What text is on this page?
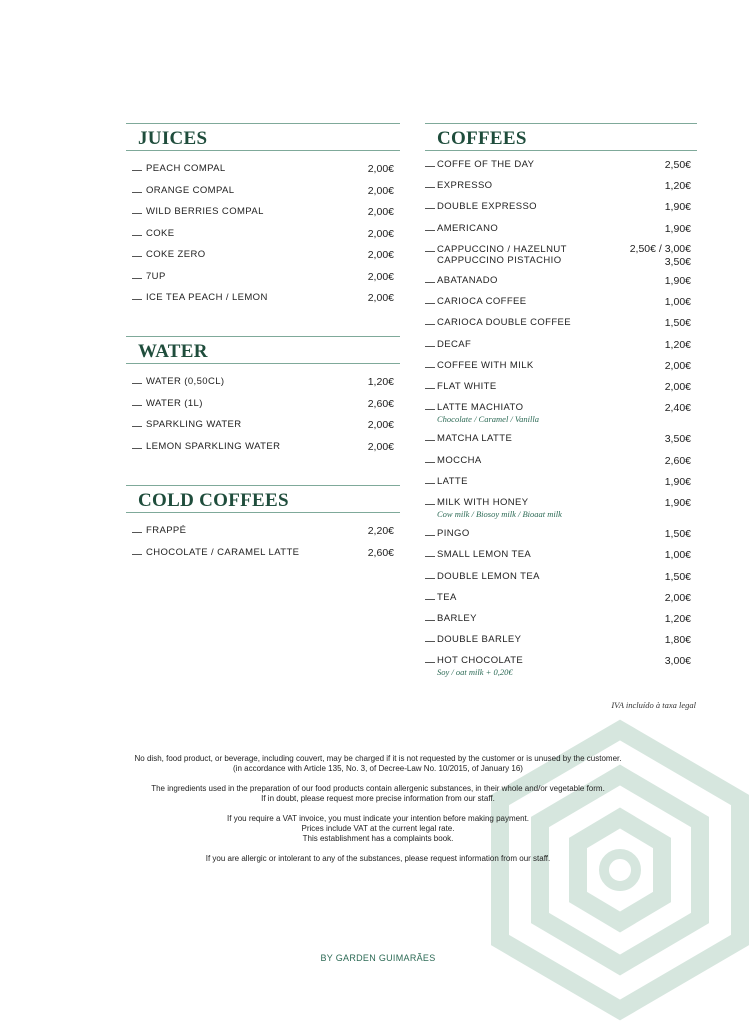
JUICES
PEACH COMPAL	2,00€
ORANGE COMPAL	2,00€
WILD BERRIES COMPAL	2,00€
COKE	2,00€
COKE ZERO	2,00€
7UP	2,00€
ICE TEA PEACH / LEMON	2,00€
WATER
WATER (0,50CL)	1,20€
WATER (1L)	2,60€
SPARKLING WATER	2,00€
LEMON SPARKLING WATER	2,00€
COLD COFFEES
FRAPPÉ	2,20€
CHOCOLATE / CARAMEL LATTE	2,60€
COFFEES
COFFE OF THE DAY	2,50€
EXPRESSO	1,20€
DOUBLE EXPRESSO	1,90€
AMERICANO	1,90€
CAPPUCCINO / HAZELNUT	2,50€ / 3,00€
CAPPUCCINO PISTACHIO	3,50€
ABATANADO	1,90€
CARIOCA COFFEE	1,00€
CARIOCA DOUBLE COFFEE	1,50€
DECAF	1,20€
COFFEE WITH MILK	2,00€
FLAT WHITE	2,00€
LATTE MACHIATO	2,40€
Chocolate / Caramel / Vanilla
MATCHA LATTE	3,50€
MOCCHA	2,60€
LATTE	1,90€
MILK WITH HONEY	1,90€
Cow milk / Biosoy milk / Bioaat milk
PINGO	1,50€
SMALL LEMON TEA	1,00€
DOUBLE LEMON TEA	1,50€
TEA	2,00€
BARLEY	1,20€
DOUBLE BARLEY	1,80€
HOT CHOCOLATE	3,00€
Soy / oat milk + 0,20€
IVA incluído à taxa legal

No dish, food product, or beverage, including couvert, may be charged if it is not requested by the customer or is unused by the customer.
(in accordance with Article 135, No. 3, of Decree-Law No. 10/2015, of January 16)

The ingredients used in the preparation of our food products contain allergenic substances, in their whole and/or vegetable form.
If in doubt, please request more precise information from our staff.

If you require a VAT invoice, you must indicate your intention before making payment.
Prices include VAT at the current legal rate.
This establishment has a complaints book.

If you are allergic or intolerant to any of the substances, please request information from our staff.

BY GARDEN GUIMARÃES
